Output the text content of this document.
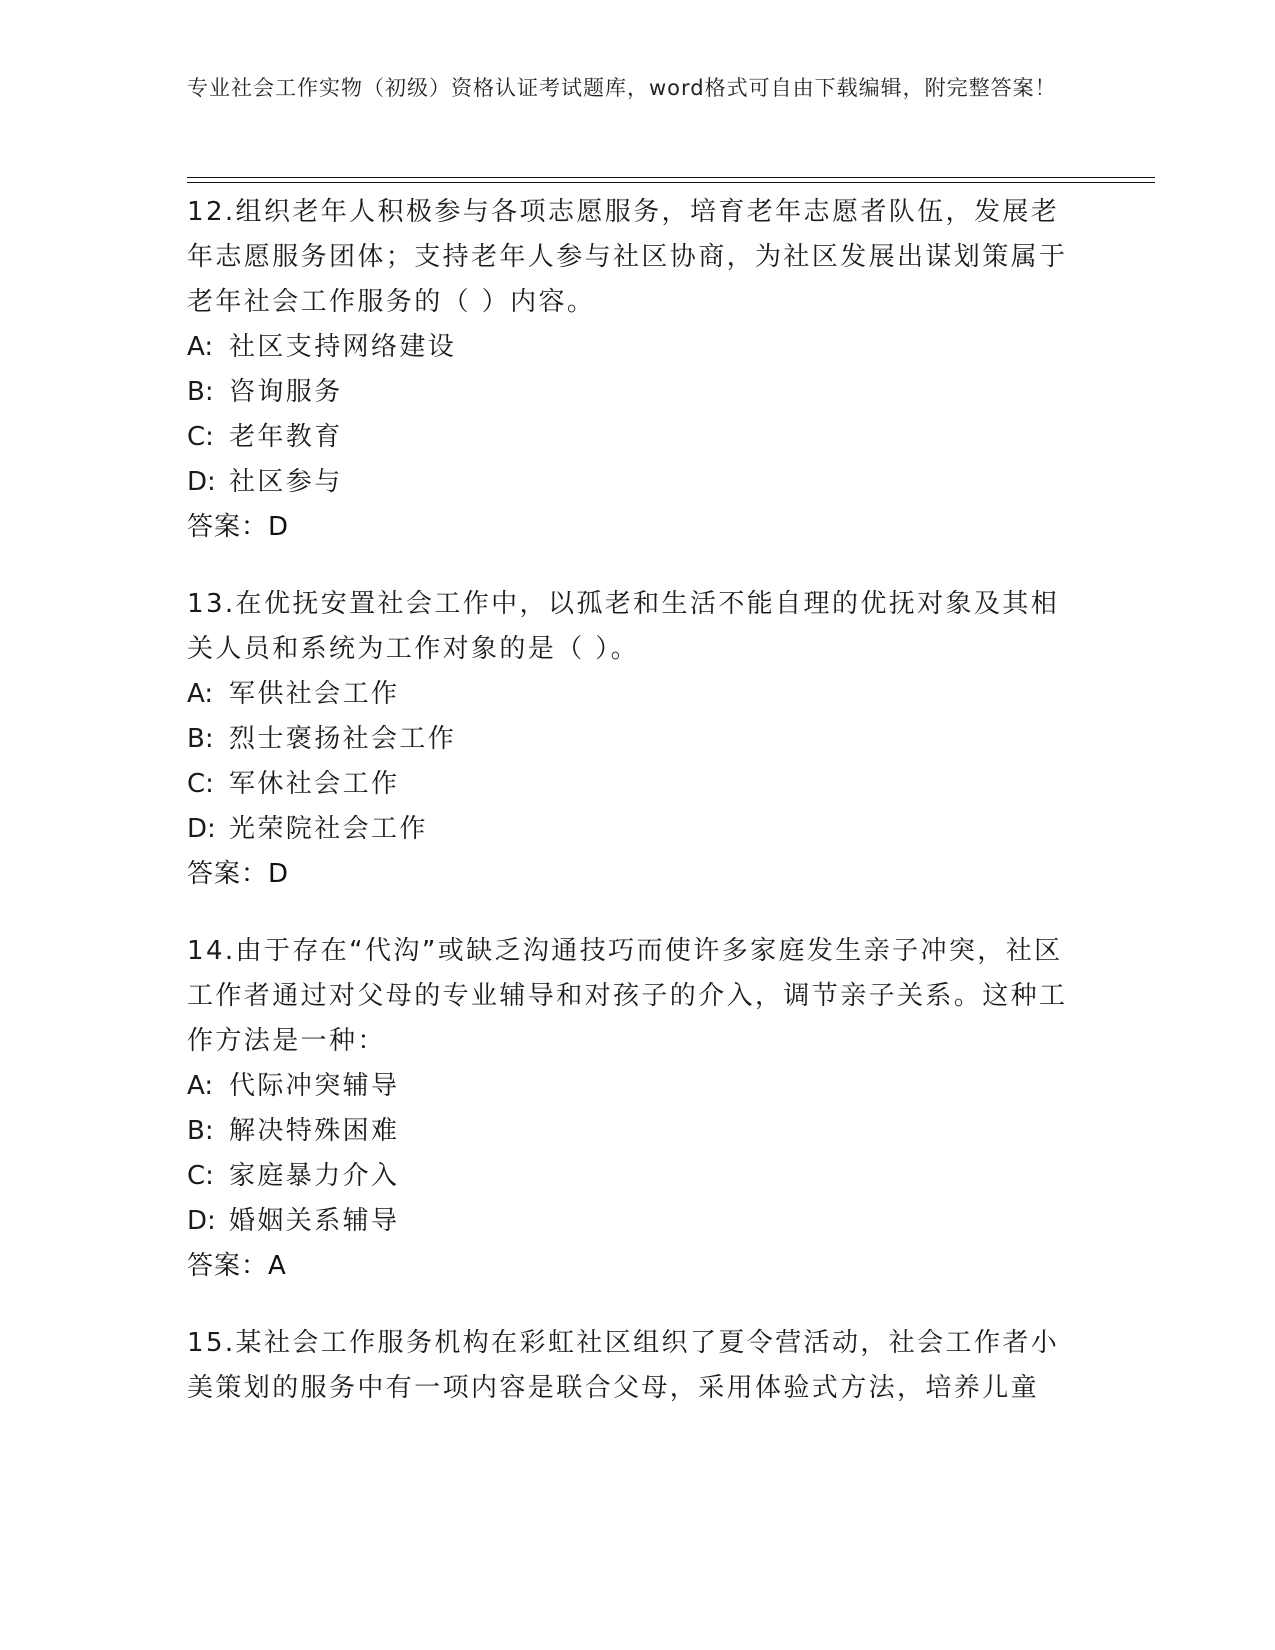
专业社会工作实物（初级）资格认证考试题库，word格式可自由下载编辑，附完整答案！
12.组织老年人积极参与各项志愿服务，培育老年志愿者队伍，发展老年志愿服务团体；支持老年人参与社区协商，为社区发展出谋划策属于老年社会工作服务的（ ）内容。
A: 社区支持网络建设
B: 咨询服务
C: 老年教育
D: 社区参与
答案：D
13.在优抚安置社会工作中，以孤老和生活不能自理的优抚对象及其相关人员和系统为工作对象的是（ ）。
A: 军供社会工作
B: 烈士褒扬社会工作
C: 军休社会工作
D: 光荣院社会工作
答案：D
14.由于存在“代沟”或缺乏沟通技巧而使许多家庭发生亲子冲突，社区工作者通过对父母的专业辅导和对孩子的介入，调节亲子关系。这种工作方法是一种：
A: 代际冲突辅导
B: 解决特殊困难
C: 家庭暴力介入
D: 婚姻关系辅导
答案：A
15.某社会工作服务机构在彩虹社区组织了夏令营活动，社会工作者小美策划的服务中有一项内容是联合父母，采用体验式方法，培养儿童
